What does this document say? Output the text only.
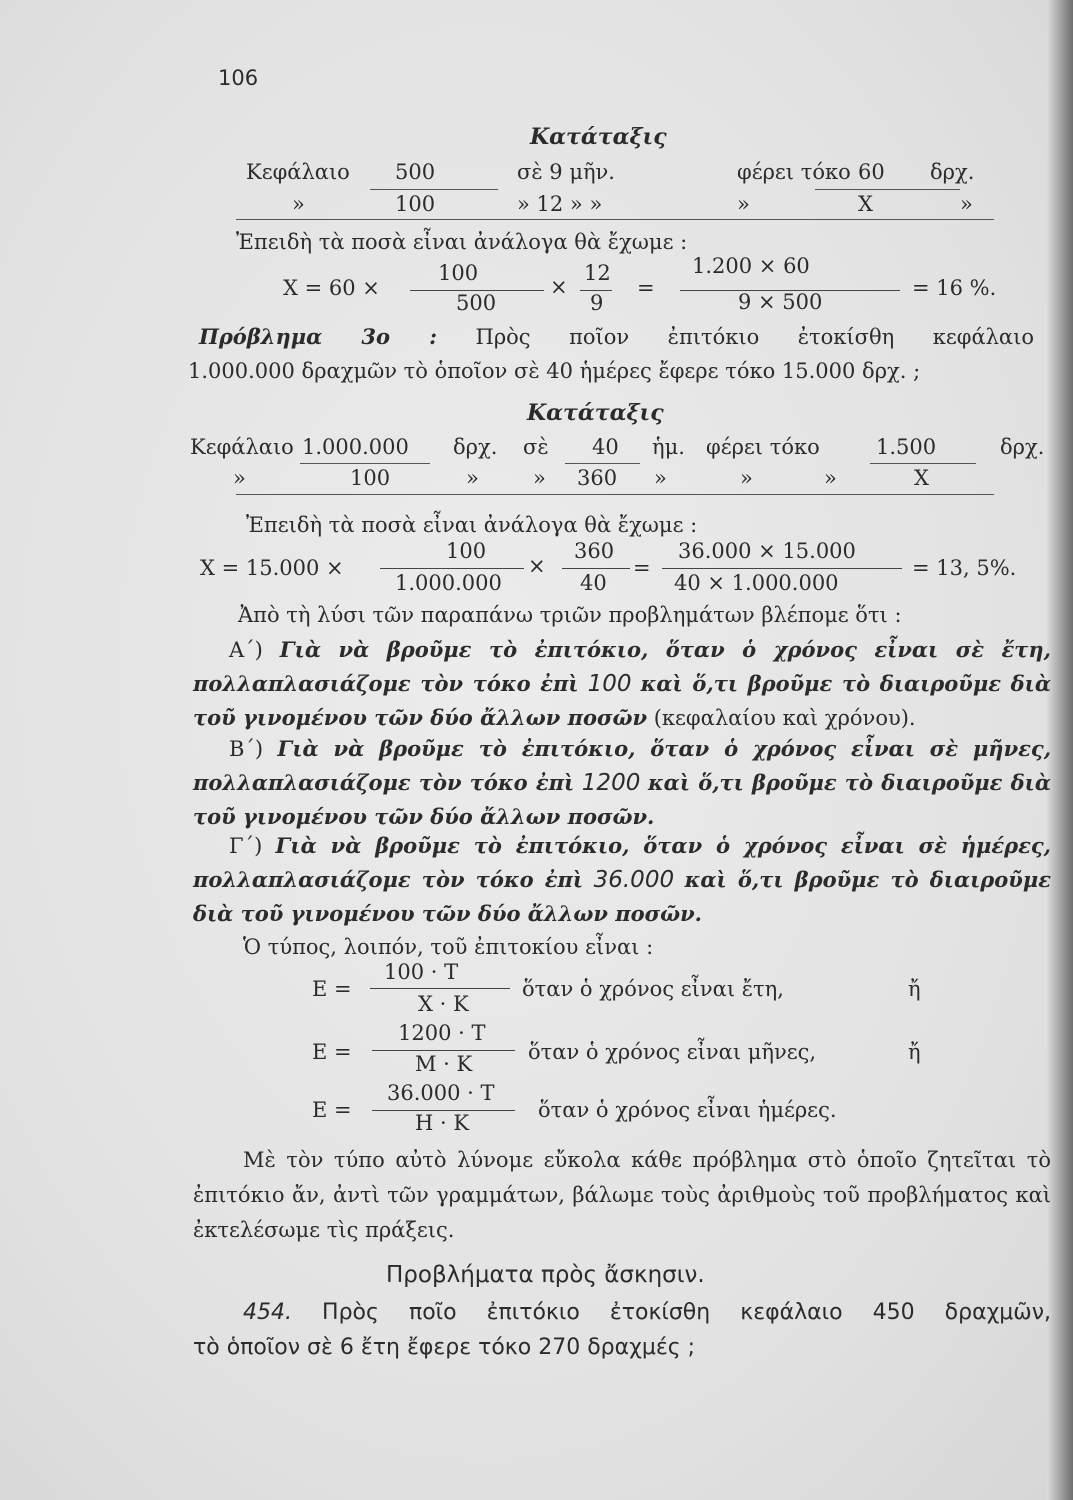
106
Κατάταξις
Κεφάλαιο 500	σὲ 9 μῆν.	φέρει τόκο 60 δρχ.
»	100	» 12 » »	»	X	»
Ἐπειδὴ τὰ ποσὰ εἶναι ἀνάλογα θὰ ἔχωμε :
X = 60 ×
100
500
×
12
9
=
1.200 × 60
9 × 500
= 16 %.
Πρόβλημα 3ο : Πρὸς ποῖον ἐπιτόκιο ἐτοκίσθη κεφάλαιο
1.000.000 δραχμῶν τὸ ὁποῖον σὲ 40 ἡμέρες ἔφερε τόκο 15.000 δρχ. ;
Κατάταξις
Κεφάλαιο 1.000.000 δρχ. σὲ 40 ἡμ. φέρει τόκο	1.500	δρχ.
»	100	»	» 360 »	»	»	X
Ἐπειδὴ τὰ ποσὰ εἶναι ἀνάλογα θὰ ἔχωμε :
X = 15.000 ×
100
1.000.000
×
360
40
=
36.000 × 15.000
40 × 1.000.000
= 13, 5%.
Ἀπὸ τὴ λύσι τῶν παραπάνω τριῶν προβλημάτων βλέπομε ὅτι :
Α΄) Γιὰ νὰ βροῦμε τὸ ἐπιτόκιο, ὅταν ὁ χρόνος εἶναι σὲ ἔτη, πολλαπλασιάζομε τὸν τόκο ἐπὶ 100 καὶ ὅ,τι βροῦμε τὸ διαιροῦμε διὰ τοῦ γινομένου τῶν δύο ἄλλων ποσῶν (κεφαλαίου καὶ χρόνου).
Β΄) Γιὰ νὰ βροῦμε τὸ ἐπιτόκιο, ὅταν ὁ χρόνος εἶναι σὲ μῆνες, πολλαπλασιάζομε τὸν τόκο ἐπὶ 1200 καὶ ὅ,τι βροῦμε τὸ διαιροῦμε διὰ τοῦ γινομένου τῶν δύο ἄλλων ποσῶν.
Γ΄) Γιὰ νὰ βροῦμε τὸ ἐπιτόκιο, ὅταν ὁ χρόνος εἶναι σὲ ἡμέρες, πολλαπλασιάζομε τὸν τόκο ἐπὶ 36.000 καὶ ὅ,τι βροῦμε τὸ διαιροῦμε διὰ τοῦ γινομένου τῶν δύο ἄλλων ποσῶν.
Ὁ τύπος, λοιπόν, τοῦ ἐπιτοκίου εἶναι :
E =
100 · T
X · K
ὅταν ὁ χρόνος εἶναι ἔτη,	ἤ
E =
1200 · T
M · K	ὅταν ὁ χρόνος εἶναι μῆνες,	ἤ
E =
36.000 · T
H · K
ὅταν ὁ χρόνος εἶναι ἡμέρες.
Μὲ τὸν τύπο αὐτὸ λύνομε εὔκολα κάθε πρόβλημα στὸ ὁποῖο ζητεῖται τὸ ἐπιτόκιο ἄν, ἀντὶ τῶν γραμμάτων, βάλωμε τοὺς ἀριθμοὺς τοῦ προβλήματος καὶ ἐκτελέσωμε τὶς πράξεις.
Προβλήματα πρὸς ἄσκησιν.
454. Πρὸς ποῖο ἐπιτόκιο ἐτοκίσθη κεφάλαιο 450 δραχμῶν,
τὸ ὁποῖον σὲ 6 ἔτη ἔφερε τόκο 270 δραχμές ;
